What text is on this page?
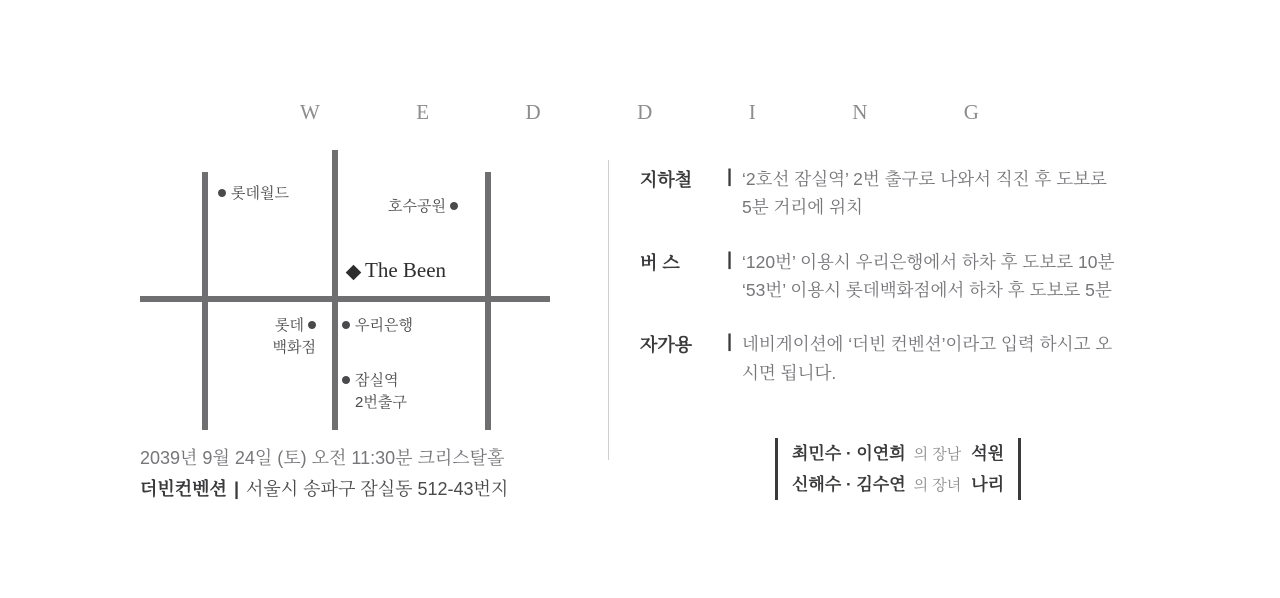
W	E	D	D	I	N	G
롯데월드
호수공원
롯데
백화점
우리은행
잠실역
2번출구
The Been
2039년 9월 24일 (토) 오전 11:30분 크리스탈홀
더빈컨벤션 | 서울시 송파구 잠실동 512-43번지
지하철 | ‘2호선 잠실역’ 2번 출구로 나와서 직진 후 도보로
5분 거리에 위치
버 스	| ‘120번’ 이용시 우리은행에서 하차 후 도보로 10분
‘53번’ 이용시 롯데백화점에서 하차 후 도보로 5분
자가용 | 네비게이션에 ‘더빈 컨벤션’이라고 입력 하시고 오
시면 됩니다.
최민수 · 이연희 의 장남 석원
신해수 · 김수연 의 장녀 나리
